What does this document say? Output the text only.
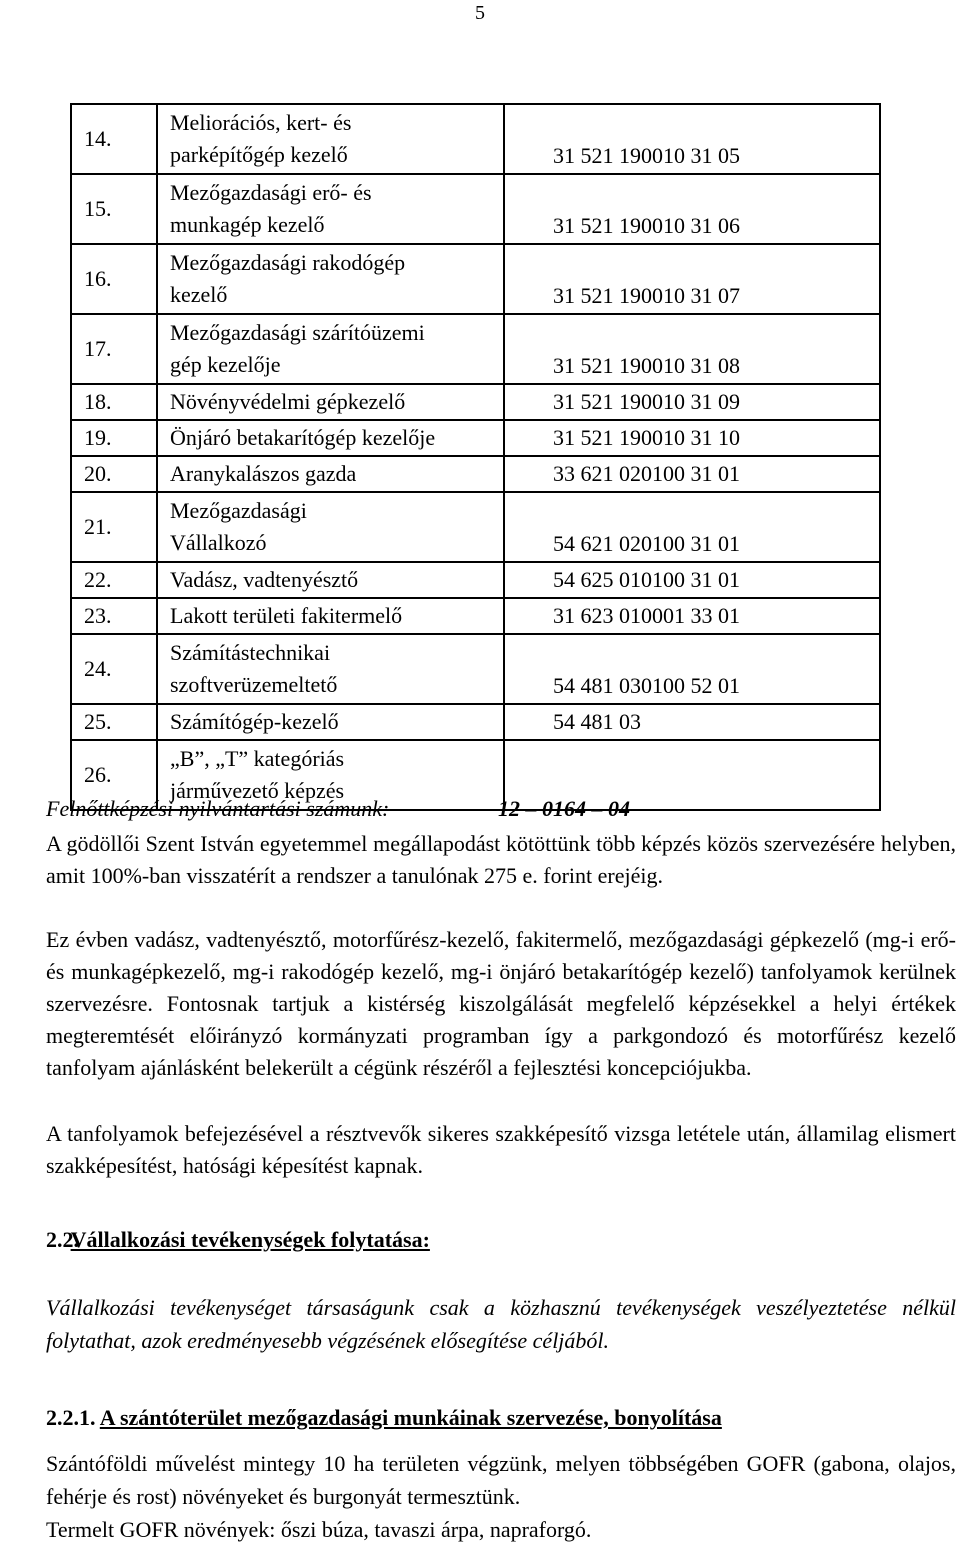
5
14.	Meliorációs, kert- és
parképítőgép kezelő	31 521 190010 31 05
15.	Mezőgazdasági erő- és
munkagép kezelő	31 521 190010 31 06
16.	Mezőgazdasági rakodógép
kezelő	31 521 190010 31 07
17.	Mezőgazdasági szárítóüzemi
gép kezelője	31 521 190010 31 08
18.	Növényvédelmi gépkezelő	31 521 190010 31 09
19.	Önjáró betakarítógép kezelője	31 521 190010 31 10
20.	Aranykalászos gazda	33 621 020100 31 01
21.	Mezőgazdasági
Vállalkozó	54 621 020100 31 01
22.	Vadász, vadtenyésztő	54 625 010100 31 01
23.	Lakott területi fakitermelő	31 623 010001 33 01
24.	Számítástechnikai
szoftverüzemeltető	54 481 030100 52 01
25.	Számítógép-kezelő	54 481 03
26.	„B”, „T” kategóriás
járművezető képzés	

Felnőttképzési nyilvántartási számunk:	12 – 0164 – 04
A gödöllői Szent István egyetemmel megállapodást kötöttünk több képzés közös szervezésére helyben, amit 100%-ban visszatérít a rendszer a tanulónak 275 e. forint erejéig.
Ez évben vadász, vadtenyésztő, motorfűrész-kezelő, fakitermelő, mezőgazdasági gépkezelő (mg-i erő- és munkagépkezelő, mg-i rakodógép kezelő, mg-i önjáró betakarítógép kezelő) tanfolyamok kerülnek szervezésre. Fontosnak tartjuk a kistérség kiszolgálását megfelelő képzésekkel a helyi értékek megteremtését előirányzó kormányzati programban így a parkgondozó és motorfűrész kezelő tanfolyam ajánlásként belekerült a cégünk részéről a fejlesztési koncepciójukba.
A tanfolyamok befejezésével a résztvevők sikeres szakképesítő vizsga letétele után, államilag elismert szakképesítést, hatósági képesítést kapnak.
2.2.  Vállalkozási tevékenységek folytatása:
Vállalkozási tevékenységet társaságunk csak a közhasznú tevékenységek veszélyeztetése nélkül folytathat, azok eredményesebb végzésének elősegítése céljából.
2.2.1. A szántóterület mezőgazdasági munkáinak szervezése, bonyolítása
Szántóföldi művelést mintegy 10 ha területen végzünk, melyen többségében GOFR (gabona, olajos, fehérje és rost) növényeket és burgonyát termesztünk.
Termelt GOFR növények: őszi búza, tavaszi árpa, napraforgó.
